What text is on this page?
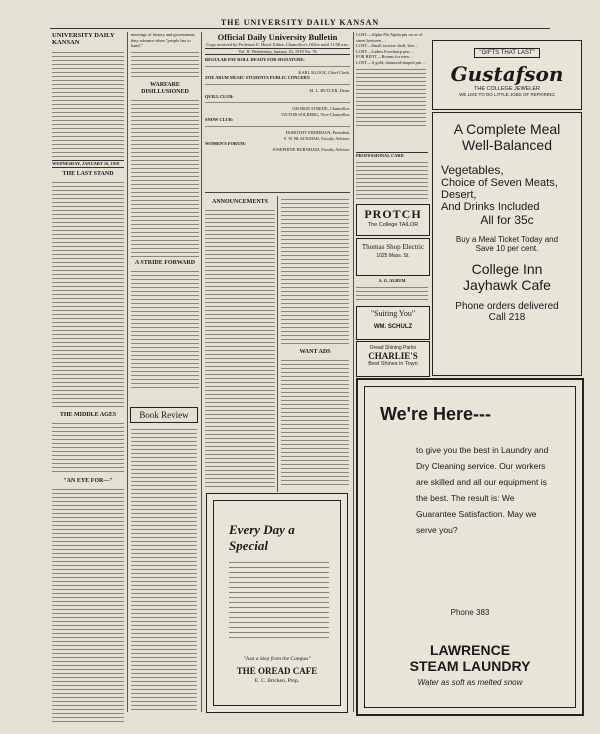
THE UNIVERSITY DAILY KANSAN
UNIVERSITY DAILY KANSAN
WEDNESDAY, JANUARY 16, 1918
THE LAST STAND
THE MIDDLE AGES
"AN EYE FOR—"
meetings of history and government, they advance when "people has to hand."
WARFARE DISILLUSIONED
A STRIDE FORWARD
Book Review
Official Daily University Bulletin
Copy received by Professor E. Hood. Editor, Chancellor's Office until 11:00 a.m.
Vol. II. Wednesday, January 16, 1918 No. 76
REGULAR PAY ROLL READY FOR SIGNATURE:
KARL KLOOZ, Chief Clerk.
ZOE ARUM MUSIC STUDENTS PUBLIC CONCERT:
M. L. BUTLER, Dean.
QUILL CLUB:
GEORGE STREDE, Chancellor.
VICTOR SOLBERG, Vice-Chancellor.
SNOW CLUB:
DOROTHY ERDHMAN, President.
F. W. BLACKMAR, Faculty Adviser.
WOMEN'S FORUM:
JOSEPHINE BURNHAM, Faculty Adviser.
ANNOUNCEMENTS
WANT ADS
Every Day a
Special
"Just a Step from the Campus"
THE OREAD CAFE
E. C. Bricken, Prop.
LOST—Alpha Phi Alpha pin on or of street between ...
LOST—Small tortoise shell, lost ...
LOST—Ladies Eversharp pen ...
FOR RENT—Rooms for men ...
LOST—A gold, diamond-shaped pin ...
PROFESSIONAL CARD
PROTCH
The College TAILOR
Thomas Shop Electric
1025 Mass. St.
A. G. ALBUM
"Suiting You"
WM. SCHULZ
Oread Shining Parlor
CHARLIE'S
Best Shines in Town
"GIFTS THAT LAST"
Gustafson
THE COLLEGE JEWELER
WE LIKE TO DO LITTLE JOBS OF REPAIRING
A Complete Meal
Well-Balanced
Vegetables,
Choice of Seven Meats,
Desert,
And Drinks Included
All for 35c
Buy a Meal Ticket Today and
Save 10 per cent.
College Inn
Jayhawk Cafe
Phone orders delivered
Call 218
We're Here---
to give you the best in Laundry and Dry Cleaning service. Our workers are skilled and all our equipment is the best. The result is: We Guarantee Satisfaction. May we serve you?
Phone 383
LAWRENCE
STEAM LAUNDRY
Water as soft as melted snow
